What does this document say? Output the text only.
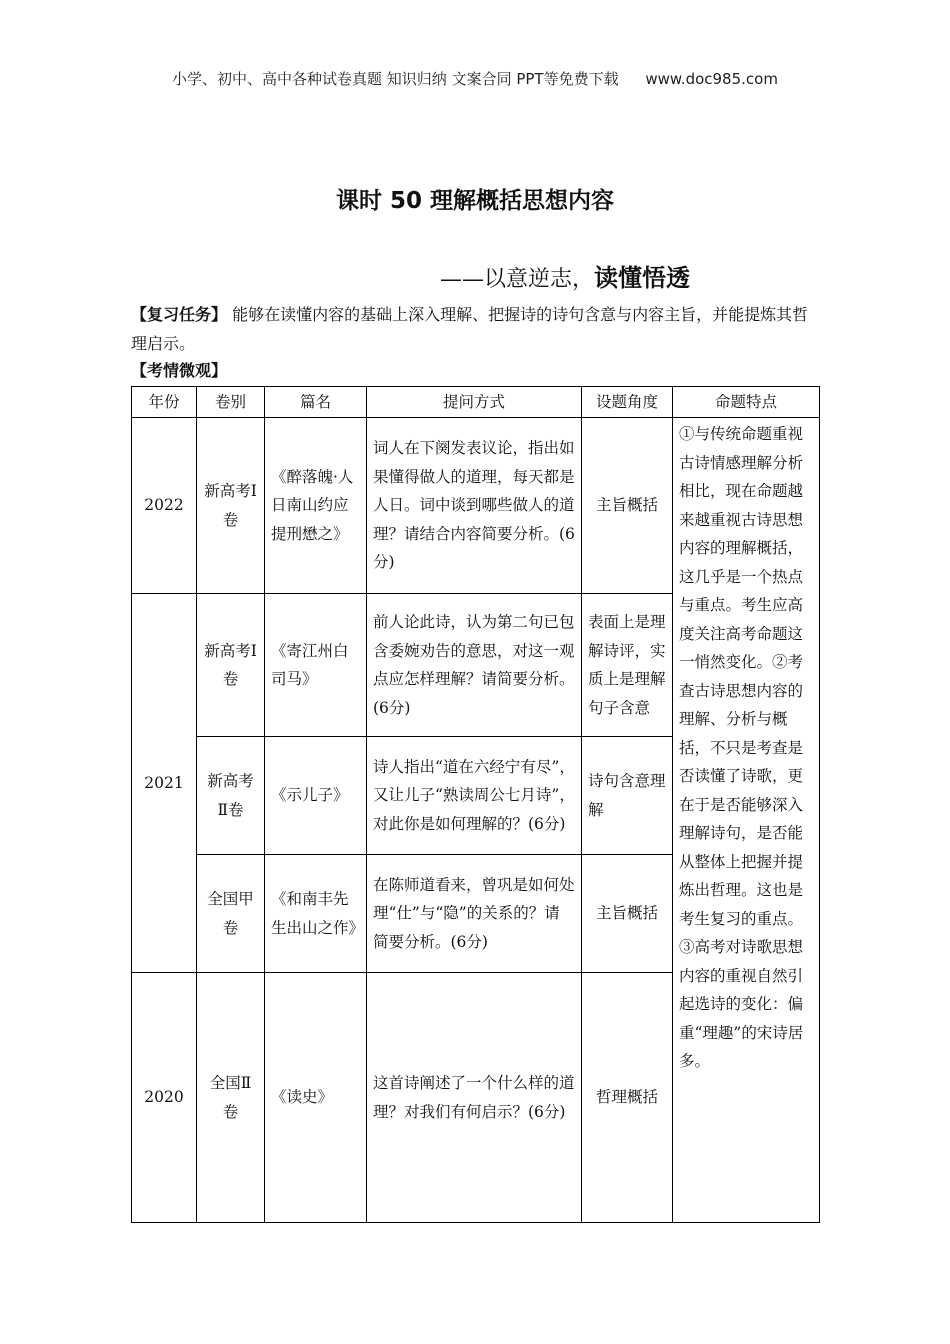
小学、初中、高中各种试卷真题 知识归纳 文案合同 PPT等免费下载 www.doc985.com
课时 50 理解概括思想内容
——以意逆志，读懂悟透
【复习任务】 能够在读懂内容的基础上深入理解、把握诗的诗句含意与内容主旨，并能提炼其哲理启示。
【考情微观】
年份	卷别	篇名	提问方式	设题角度	命题特点
2022	新高考Ⅰ卷	《醉落魄·人日南山约应提刑懋之》	词人在下阕发表议论，指出如果懂得做人的道理，每天都是人日。词中谈到哪些做人的道理？请结合内容简要分析。(6分)	主旨概括	①与传统命题重视古诗情感理解分析相比，现在命题越来越重视古诗思想内容的理解概括，这几乎是一个热点与重点。考生应高度关注高考命题这一悄然变化。②考查古诗思想内容的理解、分析与概括，不只是考查是否读懂了诗歌，更在于是否能够深入理解诗句，是否能从整体上把握并提炼出哲理。这也是考生复习的重点。③高考对诗歌思想内容的重视自然引起选诗的变化：偏重“理趣”的宋诗居多。
2021	新高考Ⅰ卷	《寄江州白司马》	前人论此诗，认为第二句已包含委婉劝告的意思，对这一观点应怎样理解？请简要分析。(6分)	表面上是理解诗评，实质上是理解句子含意	
	新高考Ⅱ卷	《示儿子》	诗人指出“道在六经宁有尽”，又让儿子“熟读周公七月诗”，对此你是如何理解的？(6分)	诗句含意理解	
	全国甲卷	《和南丰先生出山之作》	在陈师道看来，曾巩是如何处理“仕”与“隐”的关系的？请简要分析。(6分)	主旨概括	
2020	全国Ⅱ卷	《读史》	这首诗阐述了一个什么样的道理？对我们有何启示？(6分)	哲理概括	
